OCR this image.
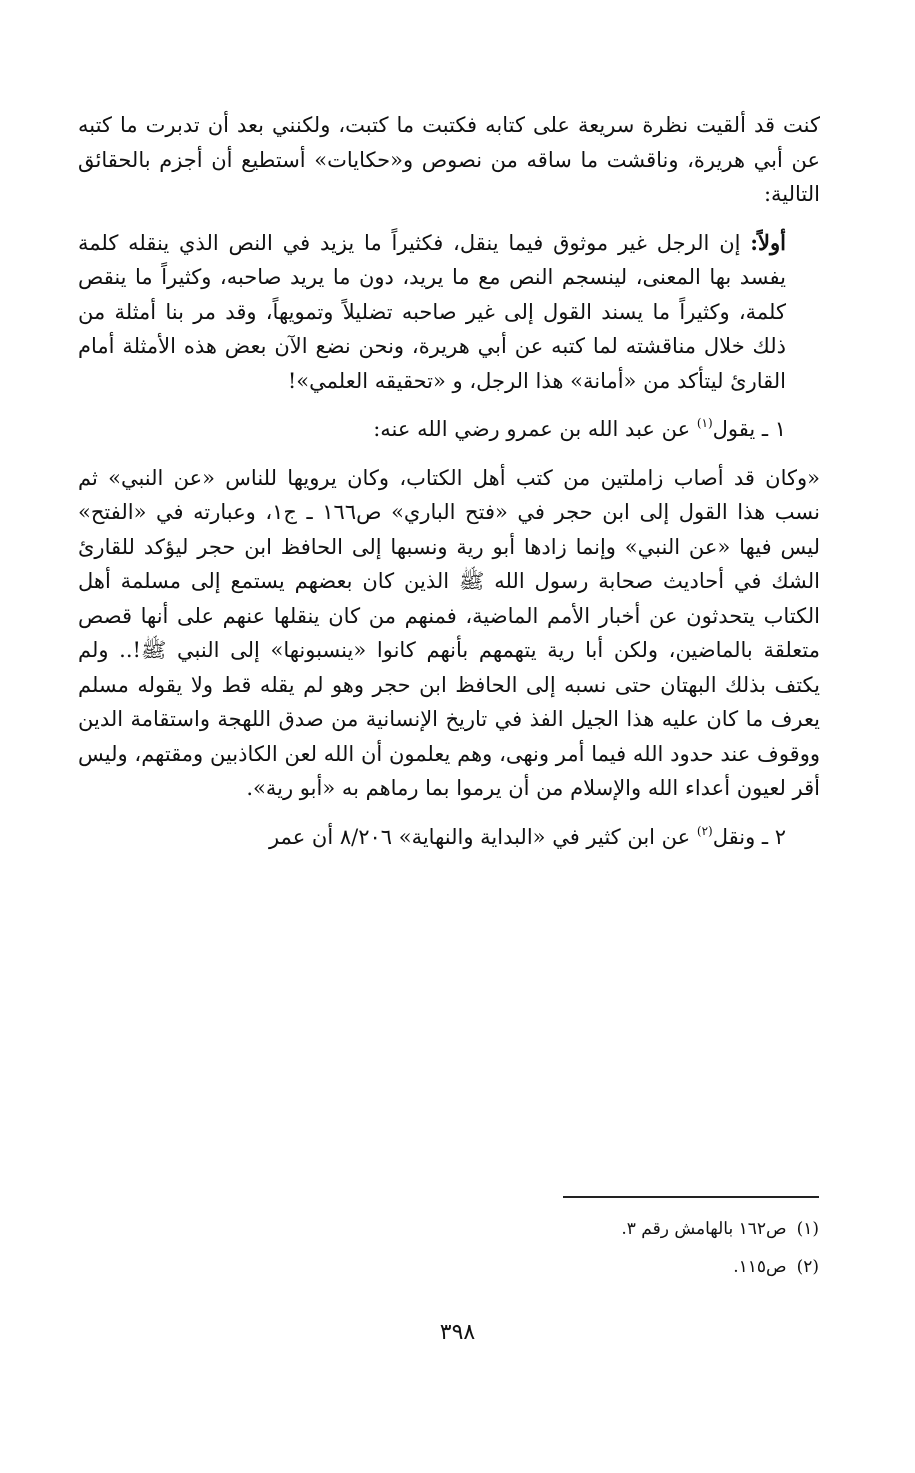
كنت قد ألقيت نظرة سريعة على كتابه فكتبت ما كتبت، ولكنني بعد أن تدبرت ما كتبه عن أبي هريرة، وناقشت ما ساقه من نصوص و«حكايات» أستطيع أن أجزم بالحقائق التالية:

أولاً: إن الرجل غير موثوق فيما ينقل، فكثيراً ما يزيد في النص الذي ينقله كلمة يفسد بها المعنى، لينسجم النص مع ما يريد، دون ما يريد صاحبه، وكثيراً ما ينقص كلمة، وكثيراً ما يسند القول إلى غير صاحبه تضليلاً وتمويهاً، وقد مر بنا أمثلة من ذلك خلال مناقشته لما كتبه عن أبي هريرة، ونحن نضع الآن بعض هذه الأمثلة أمام القارئ ليتأكد من «أمانة» هذا الرجل، و «تحقيقه العلمي»!

١ ـ يقول$^{(١)}$ عن عبد الله بن عمرو رضي الله عنه:

«وكان قد أصاب زاملتين من كتب أهل الكتاب، وكان يرويها للناس «عن النبي» ثم نسب هذا القول إلى ابن حجر في «فتح الباري» ص١٦٦ ـ ج١، وعبارته في «الفتح» ليس فيها «عن النبي» وإنما زادها أبو رية ونسبها إلى الحافظ ابن حجر ليؤكد للقارئ الشك في أحاديث صحابة رسول الله ﷺ الذين كان بعضهم يستمع إلى مسلمة أهل الكتاب يتحدثون عن أخبار الأمم الماضية، فمنهم من كان ينقلها عنهم على أنها قصص متعلقة بالماضين، ولكن أبا رية يتهمهم بأنهم كانوا «ينسبونها» إلى النبي ﷺ!.. ولم يكتف بذلك البهتان حتى نسبه إلى الحافظ ابن حجر وهو لم يقله قط ولا يقوله مسلم يعرف ما كان عليه هذا الجيل الفذ في تاريخ الإنسانية من صدق اللهجة واستقامة الدين ووقوف عند حدود الله فيما أمر ونهى، وهم يعلمون أن الله لعن الكاذبين ومقتهم، وليس أقر لعيون أعداء الله والإسلام من أن يرموا بما رماهم به «أبو رية».

٢ ـ ونقل$^{(٢)}$ عن ابن كثير في «البداية والنهاية» ٨/٢٠٦ أن عمر

(١)ص١٦٢ بالهامش رقم ٣.

(٢)ص١١٥.

٣٩٨
